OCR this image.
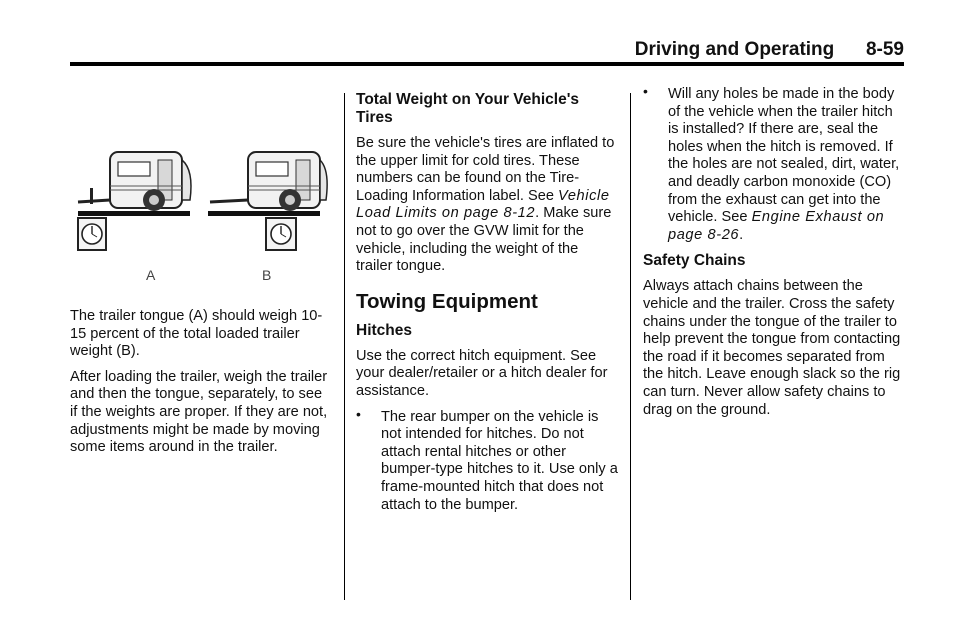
Driving and Operating 8-59
A	B

The trailer tongue (A) should weigh 10-15 percent of the total loaded trailer weight (B).

After loading the trailer, weigh the trailer and then the tongue, separately, to see if the weights are proper. If they are not, adjustments might be made by moving some items around in the trailer.

Total Weight on Your Vehicle's Tires

Be sure the vehicle's tires are inflated to the upper limit for cold tires. These numbers can be found on the Tire-Loading Information label. See Vehicle Load Limits on page 8-12. Make sure not to go over the GVW limit for the vehicle, including the weight of the trailer tongue.

Towing Equipment
Hitches

Use the correct hitch equipment. See your dealer/retailer or a hitch dealer for assistance.

• The rear bumper on the vehicle is not intended for hitches. Do not attach rental hitches or other bumper-type hitches to it. Use only a frame-mounted hitch that does not attach to the bumper.
• Will any holes be made in the body of the vehicle when the trailer hitch is installed? If there are, seal the holes when the hitch is removed. If the holes are not sealed, dirt, water, and deadly carbon monoxide (CO) from the exhaust can get into the vehicle. See Engine Exhaust on page 8-26.
Safety Chains

Always attach chains between the vehicle and the trailer. Cross the safety chains under the tongue of the trailer to help prevent the tongue from contacting the road if it becomes separated from the hitch. Leave enough slack so the rig can turn. Never allow safety chains to drag on the ground.
